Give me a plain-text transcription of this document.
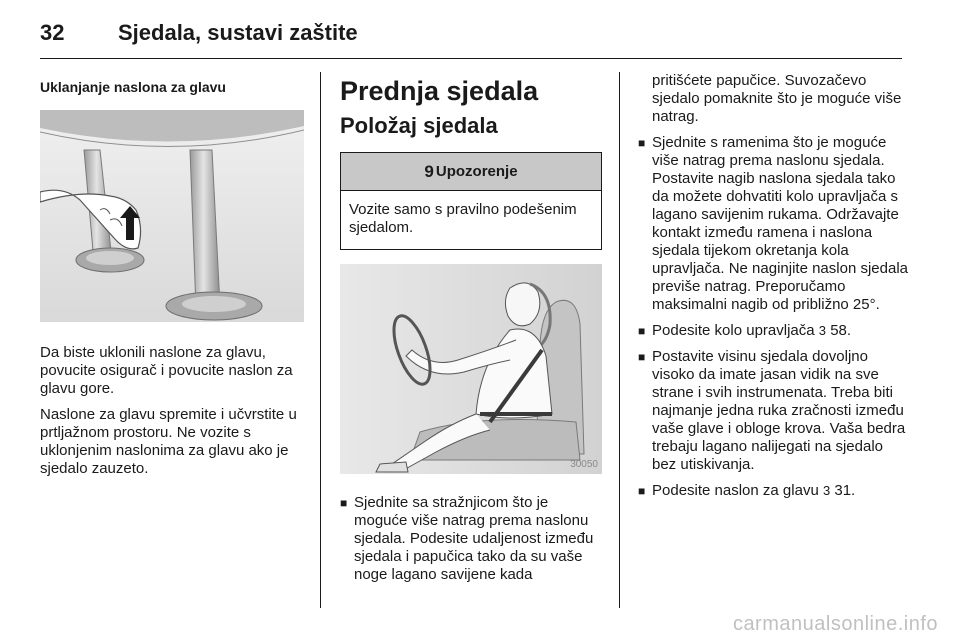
32 Sjedala, sustavi zaštite
Uklanjanje naslona za glavu
Da biste uklonili naslone za glavu, povucite osigurač i povucite naslon za glavu gore.
Naslone za glavu spremite i učvrstite u prtljažnom prostoru. Ne vozite s uklonjenim naslonima za glavu ako je sjedalo zauzeto.
Prednja sjedala
Položaj sjedala
9 Upozorenje
Vozite samo s pravilno podešenim sjedalom.
30050
■ Sjednite sa stražnjicom što je moguće više natrag prema naslonu sjedala. Podesite udaljenost između sjedala i papučica tako da su vaše noge lagano savijene kada
pritišćete papučice. Suvozačevo sjedalo pomaknite što je moguće više natrag.
■ Sjednite s ramenima što je moguće više natrag prema naslonu sjedala. Postavite nagib naslona sjedala tako da možete dohvatiti kolo upravljača s lagano savijenim rukama. Održavajte kontakt između ramena i naslona sjedala tijekom okretanja kola upravljača. Ne naginjite naslon sjedala previše natrag. Preporučamo maksimalni nagib od približno 25°.
■ Podesite kolo upravljača 3 58.
■ Postavite visinu sjedala dovoljno visoko da imate jasan vidik na sve strane i svih instrumenata. Treba biti najmanje jedna ruka zračnosti između vaše glave i obloge krova. Vaša bedra trebaju lagano nalijegati na sjedalo bez utiskivanja.
■ Podesite naslon za glavu 3 31.
carmanualsonline.info
